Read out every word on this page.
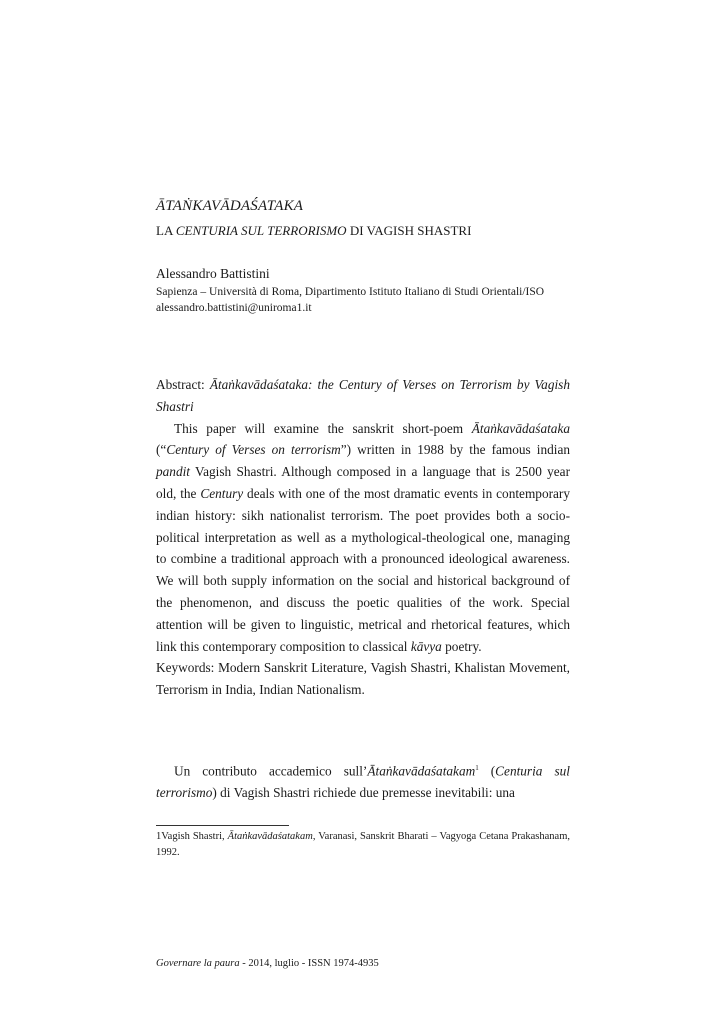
ĀTAṄKAVĀDAŚATAKA
LA CENTURIA SUL TERRORISMO DI VAGISH SHASTRI
Alessandro Battistini
Sapienza – Università di Roma, Dipartimento Istituto Italiano di Studi Orientali/ISO alessandro.battistini@uniroma1.it

Abstract: Ātaṅkavādaśataka: the Century of Verses on Terrorism by Vagish Shastri

This paper will examine the sanskrit short-poem Ātaṅkavādaśataka (“Century of Verses on terrorism”) written in 1988 by the famous indian pandit Vagish Shastri. Although composed in a language that is 2500 year old, the Century deals with one of the most dramatic events in contemporary indian history: sikh nationalist terrorism. The poet provides both a socio-political interpretation as well as a mythological-theological one, managing to combine a traditional approach with a pronounced ideological awareness. We will both supply information on the social and historical background of the phenomenon, and discuss the poetic qualities of the work. Special attention will be given to linguistic, metrical and rhetorical features, which link this contemporary composition to classical kāvya poetry.

Keywords: Modern Sanskrit Literature, Vagish Shastri, Khalistan Movement, Terrorism in India, Indian Nationalism.

Un contributo accademico sull’Ātaṅkavādaśatakam$^1$ (Centuria sul terrorismo) di Vagish Shastri richiede due premesse inevitabili: una

1Vagish Shastri, Ātaṅkavādaśatakam, Varanasi, Sanskrit Bharati – Vagyoga Cetana Prakashanam, 1992.
Governare la paura - 2014, luglio - ISSN 1974-4935
